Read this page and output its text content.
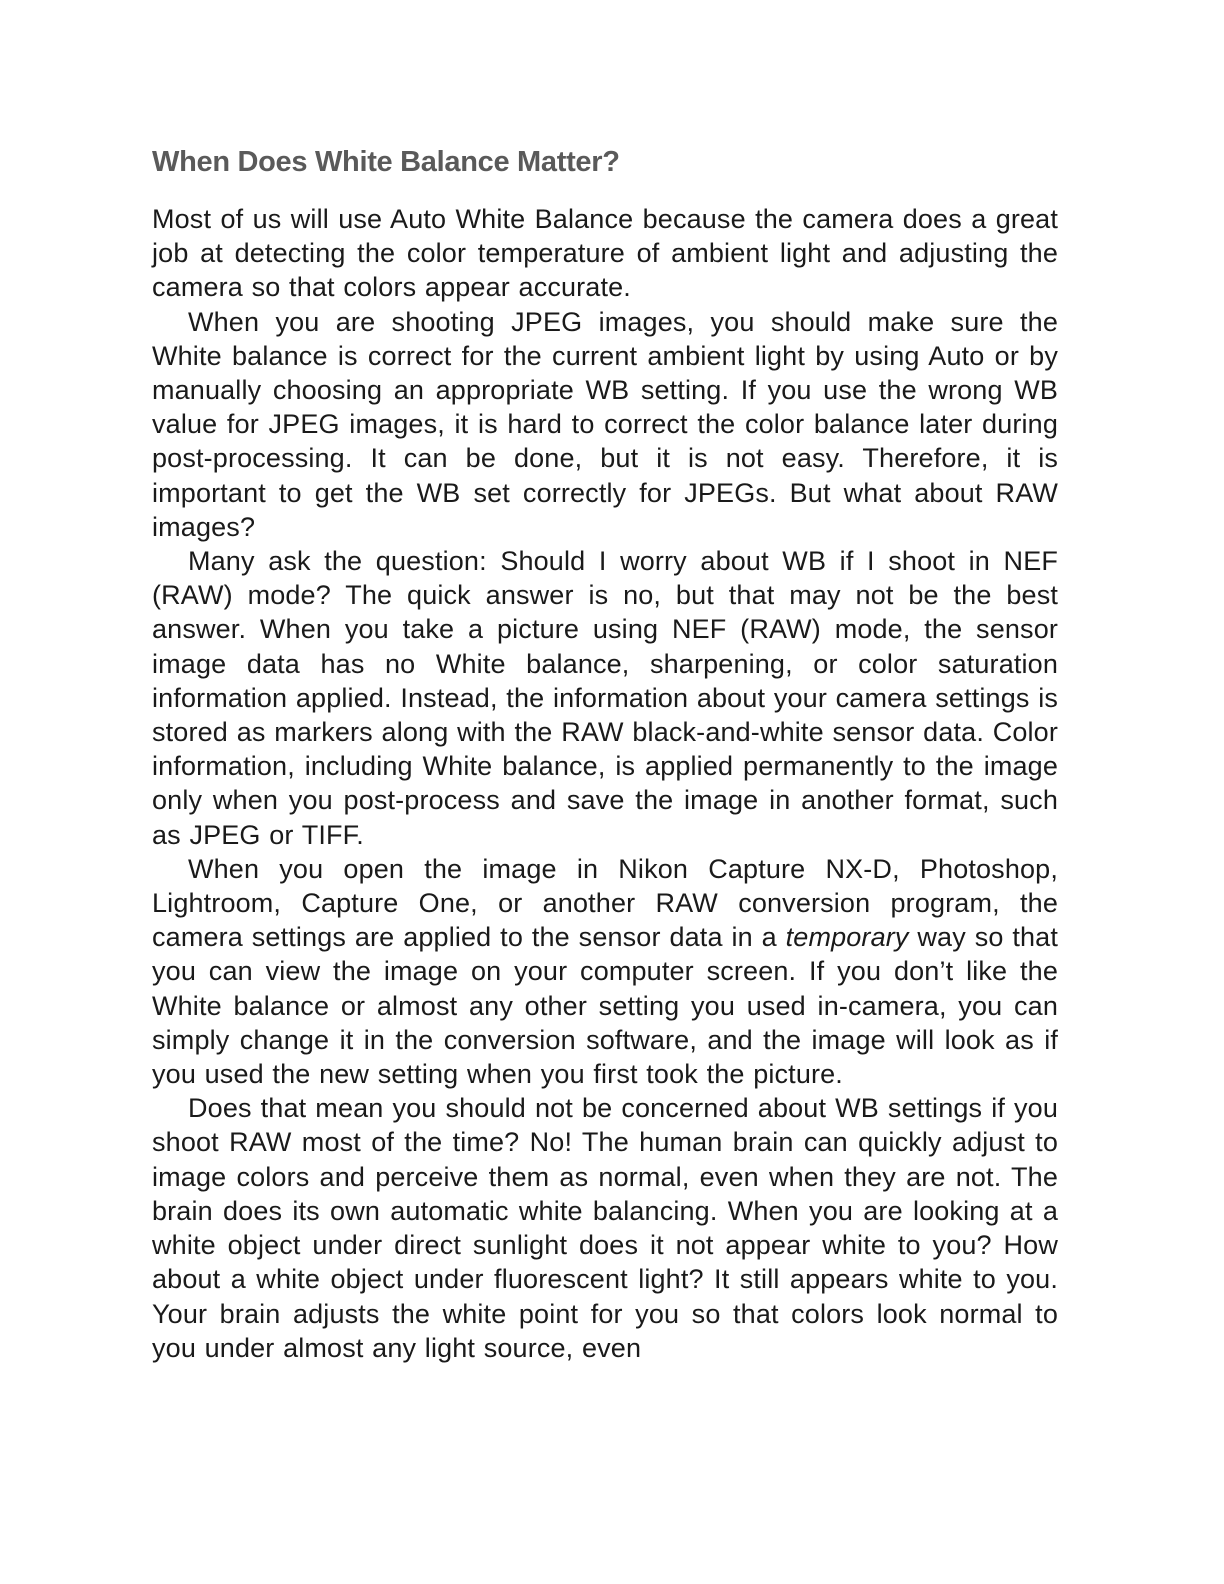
When Does White Balance Matter?

Most of us will use Auto White Balance because the camera does a great job at detecting the color temperature of ambient light and adjusting the camera so that colors appear accurate.

When you are shooting JPEG images, you should make sure the White balance is correct for the current ambient light by using Auto or by manually choosing an appropriate WB setting. If you use the wrong WB value for JPEG images, it is hard to correct the color balance later during post-processing. It can be done, but it is not easy. Therefore, it is important to get the WB set correctly for JPEGs. But what about RAW images?

Many ask the question: Should I worry about WB if I shoot in NEF (RAW) mode? The quick answer is no, but that may not be the best answer. When you take a picture using NEF (RAW) mode, the sensor image data has no White balance, sharpening, or color saturation information applied. Instead, the information about your camera settings is stored as markers along with the RAW black-and-white sensor data. Color information, including White balance, is applied permanently to the image only when you post-process and save the image in another format, such as JPEG or TIFF.

When you open the image in Nikon Capture NX-D, Photoshop, Lightroom, Capture One, or another RAW conversion program, the camera settings are applied to the sensor data in a temporary way so that you can view the image on your computer screen. If you don’t like the White balance or almost any other setting you used in-camera, you can simply change it in the conversion software, and the image will look as if you used the new setting when you first took the picture.

Does that mean you should not be concerned about WB settings if you shoot RAW most of the time? No! The human brain can quickly adjust to image colors and perceive them as normal, even when they are not. The brain does its own automatic white balancing. When you are looking at a white object under direct sunlight does it not appear white to you? How about a white object under fluorescent light? It still appears white to you. Your brain adjusts the white point for you so that colors look normal to you under almost any light source, even
